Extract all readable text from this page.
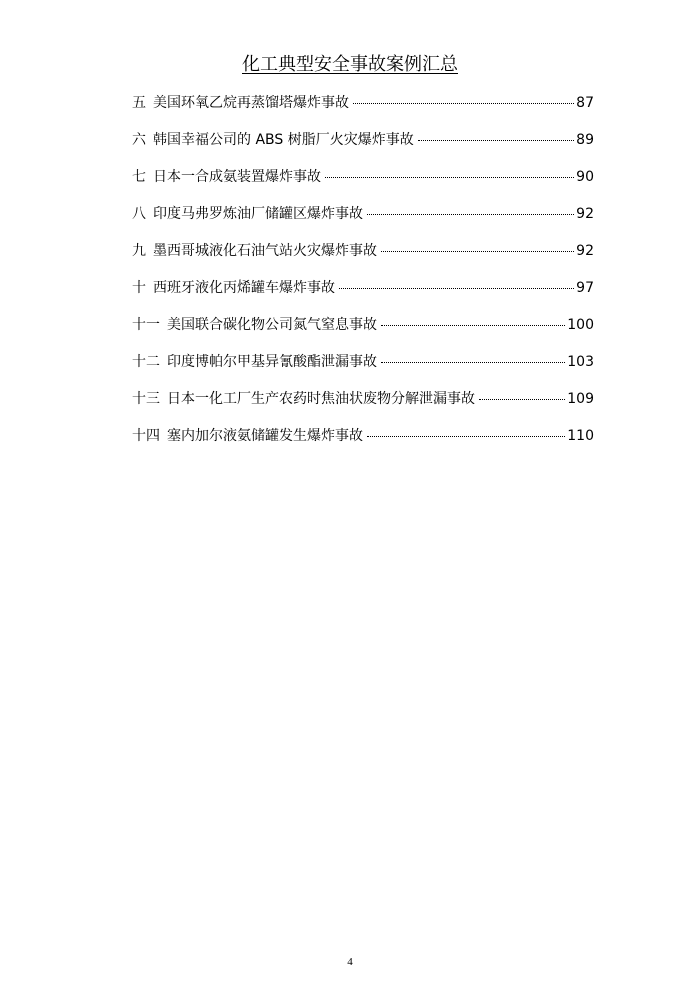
化工典型安全事故案例汇总
五 美国环氧乙烷再蒸馏塔爆炸事故	87
六 韩国幸福公司的 ABS 树脂厂火灾爆炸事故	89
七 日本一合成氨装置爆炸事故	90
八 印度马弗罗炼油厂储罐区爆炸事故	92
九 墨西哥城液化石油气站火灾爆炸事故	92
十 西班牙液化丙烯罐车爆炸事故	97
十一 美国联合碳化物公司氮气窒息事故	100
十二 印度博帕尔甲基异氰酸酯泄漏事故	103
十三 日本一化工厂生产农药时焦油状废物分解泄漏事故	109
十四 塞内加尔液氨储罐发生爆炸事故	110
4
